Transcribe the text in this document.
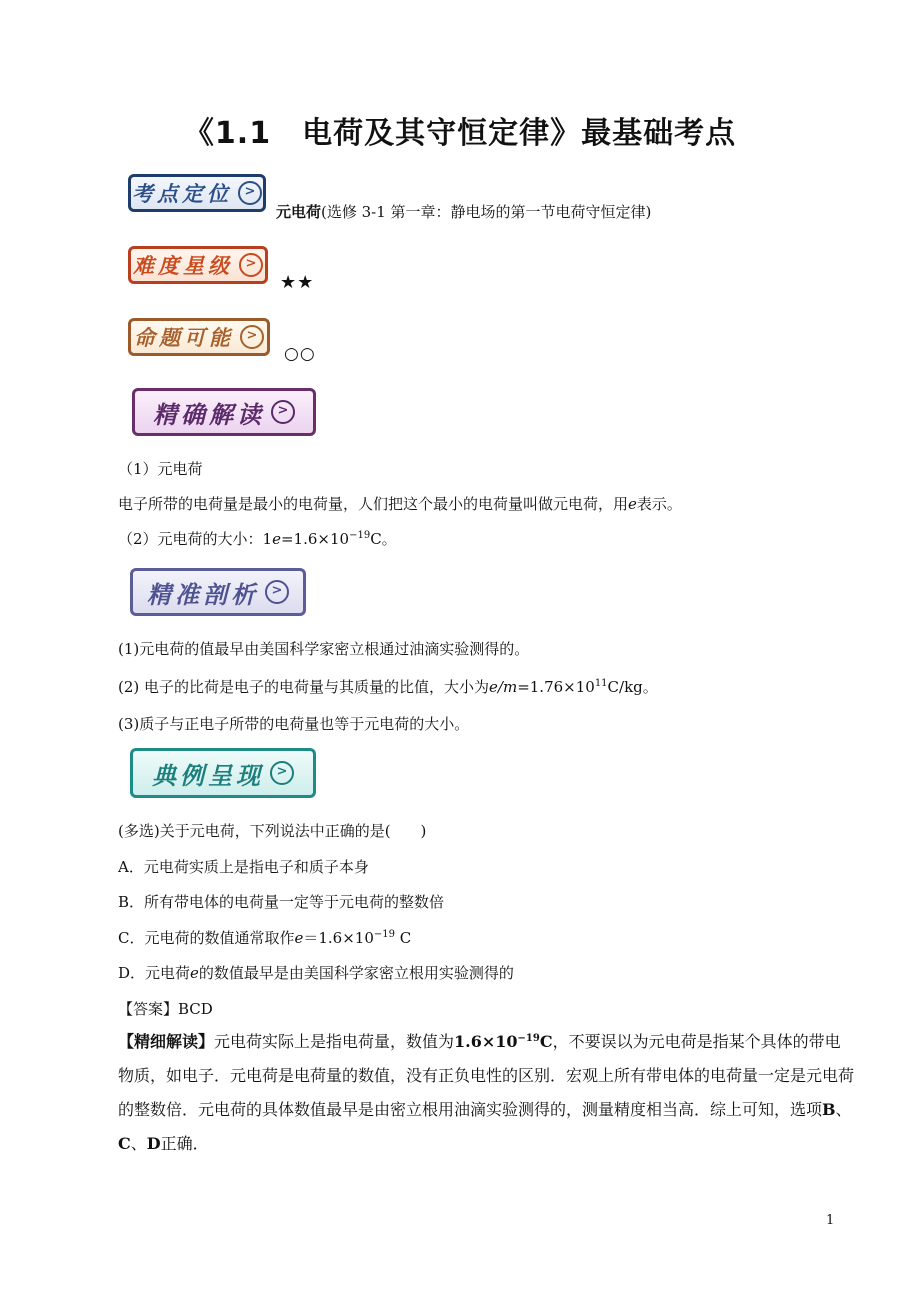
《1.1　电荷及其守恒定律》最基础考点
考点定位 >
元电荷(选修 3-1 第一章：静电场的第一节电荷守恒定律)
难度星级 >
★★
命题可能 >
○○
精确解读 >
（1）元电荷
电子所带的电荷量是最小的电荷量，人们把这个最小的电荷量叫做元电荷，用e表示。
（2）元电荷的大小：$1e=1.6\times 10^{-19}C$。
精准剖析 >
(1)元电荷的值最早由美国科学家密立根通过油滴实验测得的。
(2) 电子的比荷是电子的电荷量与其质量的比值，大小为$e/m=1.76\times 10^{11}C/kg$。
(3)质子与正电子所带的电荷量也等于元电荷的大小。
典例呈现 >
(多选)关于元电荷，下列说法中正确的是(　　)
A．元电荷实质上是指电子和质子本身
B．所有带电体的电荷量一定等于元电荷的整数倍
C．元电荷的数值通常取作$e=1.6\times 10^{-19}$ C
D．元电荷e的数值最早是由美国科学家密立根用实验测得的
【答案】BCD
【精细解读】元电荷实际上是指电荷量，数值为$1.6\times 10^{-19}C$，不要误以为元电荷是指某个具体的带电
物质，如电子．元电荷是电荷量的数值，没有正负电性的区别．宏观上所有带电体的电荷量一定是元电荷
的整数倍．元电荷的具体数值最早是由密立根用油滴实验测得的，测量精度相当高．综上可知，选项B、
C、D正确．
1
